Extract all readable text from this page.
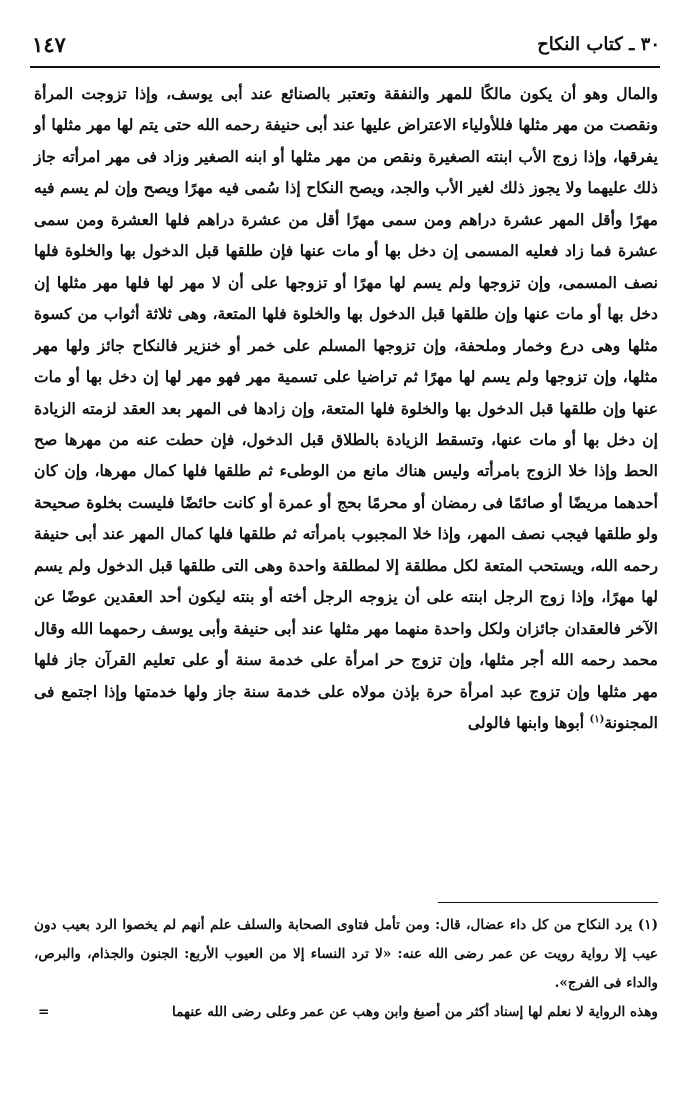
٣٠ ـ كتاب النكاح
١٤٧

والمال وهو أن يكون مالكًا للمهر والنفقة وتعتبر بالصنائع عند أبى يوسف، وإذا تزوجت المرأة ونقصت من مهر مثلها فللأولياء الاعتراض عليها عند أبى حنيفة رحمه الله حتى يتم لها مهر مثلها أو يفرقها، وإذا زوج الأب ابنته الصغيرة ونقص من مهر مثلها أو ابنه الصغير وزاد فى مهر امرأته جاز ذلك عليهما ولا يجوز ذلك لغير الأب والجد، ويصح النكاح إذا سُمى فيه مهرًا ويصح وإن لم يسم فيه مهرًا وأقل المهر عشرة دراهم ومن سمى مهرًا أقل من عشرة دراهم فلها العشرة ومن سمى عشرة فما زاد فعليه المسمى إن دخل بها أو مات عنها فإن طلقها قبل الدخول بها والخلوة فلها نصف المسمى، وإن تزوجها ولم يسم لها مهرًا أو تزوجها على أن لا مهر لها فلها مهر مثلها إن دخل بها أو مات عنها وإن طلقها قبل الدخول بها والخلوة فلها المتعة، وهى ثلاثة أثواب من كسوة مثلها وهى درع وخمار وملحفة، وإن تزوجها المسلم على خمر أو خنزير فالنكاح جائز ولها مهر مثلها، وإن تزوجها ولم يسم لها مهرًا ثم تراضيا على تسمية مهر فهو مهر لها إن دخل بها أو مات عنها وإن طلقها قبل الدخول بها والخلوة فلها المتعة، وإن زادها فى المهر بعد العقد لزمته الزيادة إن دخل بها أو مات عنها، وتسقط الزيادة بالطلاق قبل الدخول، فإن حطت عنه من مهرها صح الحط وإذا خلا الزوج بامرأته وليس هناك مانع من الوطىء ثم طلقها فلها كمال مهرها، وإن كان أحدهما مريضًا أو صائمًا فى رمضان أو محرمًا بحج أو عمرة أو كانت حائضًا فليست بخلوة صحيحة ولو طلقها فيجب نصف المهر، وإذا خلا المجبوب بامرأته ثم طلقها فلها كمال المهر عند أبى حنيفة رحمه الله، ويستحب المتعة لكل مطلقة إلا لمطلقة واحدة وهى التى طلقها قبل الدخول ولم يسم لها مهرًا، وإذا زوج الرجل ابنته على أن يزوجه الرجل أخته أو بنته ليكون أحد العقدين عوضًا عن الآخر فالعقدان جائزان ولكل واحدة منهما مهر مثلها عند أبى حنيفة وأبى يوسف رحمهما الله وقال محمد رحمه الله أجر مثلها، وإن تزوج حر امرأة على خدمة سنة أو على تعليم القرآن جاز فلها مهر مثلها وإن تزوج عبد امرأة حرة بإذن مولاه على خدمة سنة جاز ولها خدمتها وإذا اجتمع فى المجنونة$^{(١)}$ أبوها وابنها فالولى

(١) يرد النكاح من كل داء عضال، قال: ومن تأمل فتاوى الصحابة والسلف علم أنهم لم يخصوا الرد بعيب دون عيب إلا رواية رويت عن عمر رضى الله عنه: «لا ترد النساء إلا من العيوب الأربع: الجنون والجذام، والبرص، والداء فى الفرج».

وهذه الرواية لا نعلم لها إسناد أكثر من أصبغ وابن وهب عن عمر وعلى رضى الله عنهما
=
